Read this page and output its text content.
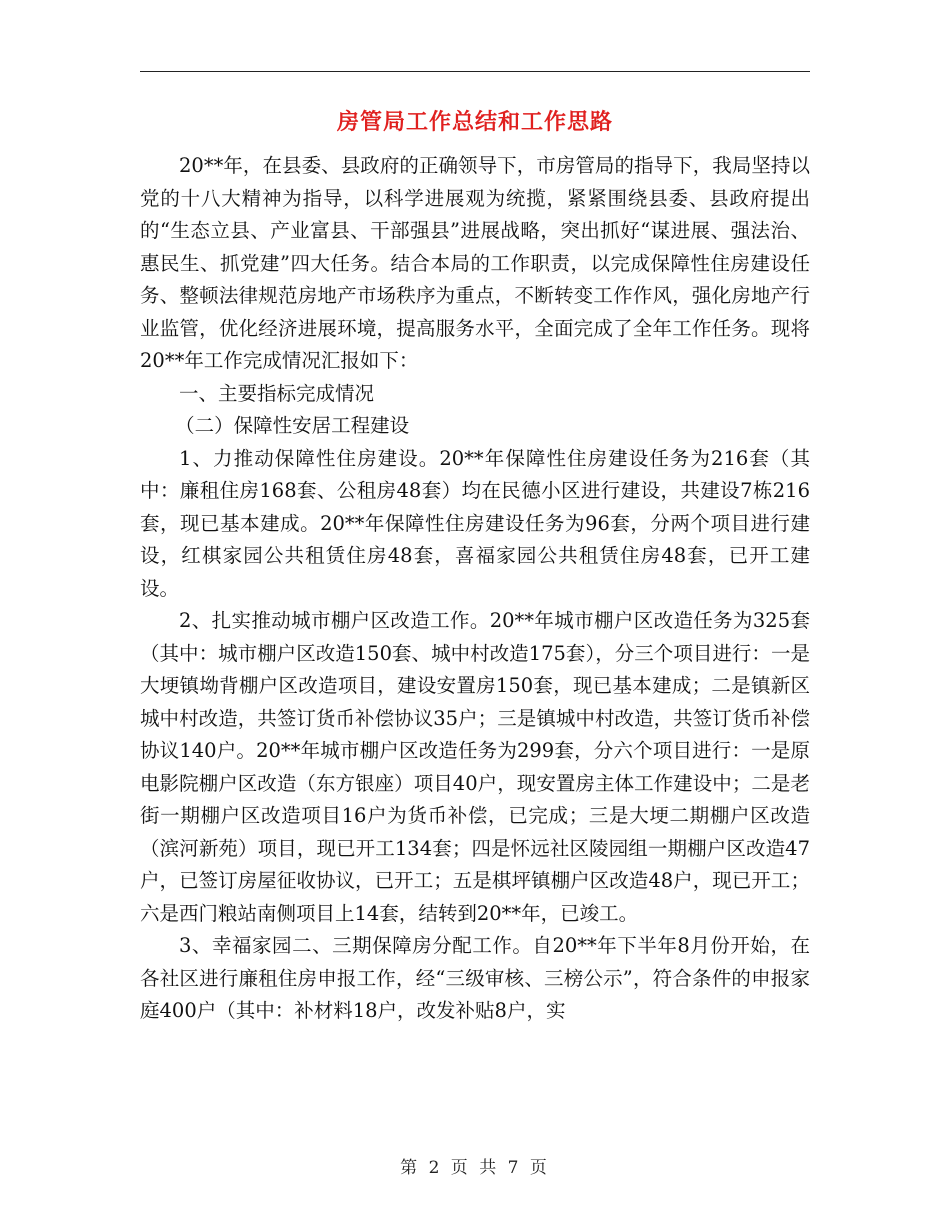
房管局工作总结和工作思路

20**年，在县委、县政府的正确领导下，市房管局的指导下，我局坚持以党的十八大精神为指导，以科学进展观为统揽，紧紧围绕县委、县政府提出的“生态立县、产业富县、干部强县”进展战略，突出抓好“谋进展、强法治、惠民生、抓党建”四大任务。结合本局的工作职责，以完成保障性住房建设任务、整顿法律规范房地产市场秩序为重点，不断转变工作作风，强化房地产行业监管，优化经济进展环境，提高服务水平，全面完成了全年工作任务。现将20**年工作完成情况汇报如下：

一、主要指标完成情况

（二）保障性安居工程建设

1、力推动保障性住房建设。20**年保障性住房建设任务为216套（其中：廉租住房168套、公租房48套）均在民德小区进行建设，共建设7栋216套，现已基本建成。20**年保障性住房建设任务为96套，分两个项目进行建设，红棋家园公共租赁住房48套，喜福家园公共租赁住房48套，已开工建设。

2、扎实推动城市棚户区改造工作。20**年城市棚户区改造任务为325套（其中：城市棚户区改造150套、城中村改造175套），分三个项目进行：一是大埂镇坳背棚户区改造项目，建设安置房150套，现已基本建成；二是镇新区城中村改造，共签订货币补偿协议35户；三是镇城中村改造，共签订货币补偿协议140户。20**年城市棚户区改造任务为299套，分六个项目进行：一是原电影院棚户区改造（东方银座）项目40户，现安置房主体工作建设中；二是老街一期棚户区改造项目16户为货币补偿，已完成；三是大埂二期棚户区改造（滨河新苑）项目，现已开工134套；四是怀远社区陵园组一期棚户区改造47户，已签订房屋征收协议，已开工；五是棋坪镇棚户区改造48户，现已开工；六是西门粮站南侧项目上14套，结转到20**年，已竣工。

3、幸福家园二、三期保障房分配工作。自20**年下半年8月份开始，在各社区进行廉租住房申报工作，经“三级审核、三榜公示”，符合条件的申报家庭400户（其中：补材料18户，改发补贴8户，实

第 2 页 共 7 页
